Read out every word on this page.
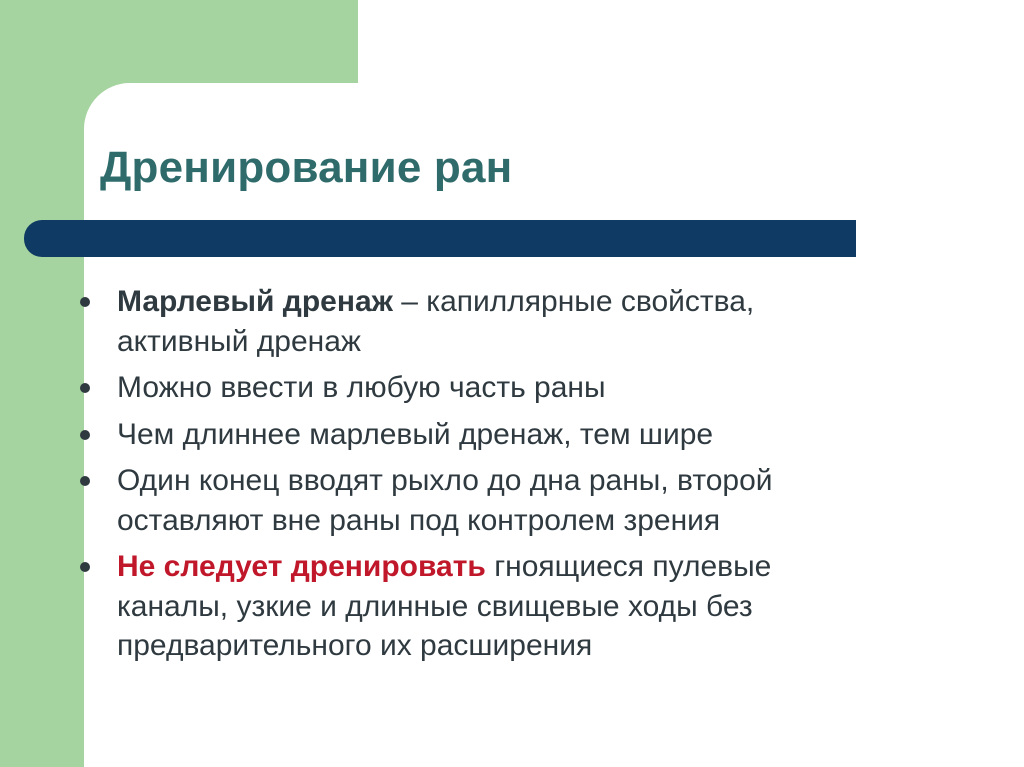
Дренирование ран
Марлевый дренаж – капиллярные свойства, активный дренаж
Можно ввести в любую часть раны
Чем длиннее марлевый дренаж, тем шире
Один конец вводят рыхло до дна раны, второй оставляют вне раны под контролем зрения
Не следует дренировать гноящиеся пулевые каналы, узкие и длинные свищевые ходы без предварительного их расширения
